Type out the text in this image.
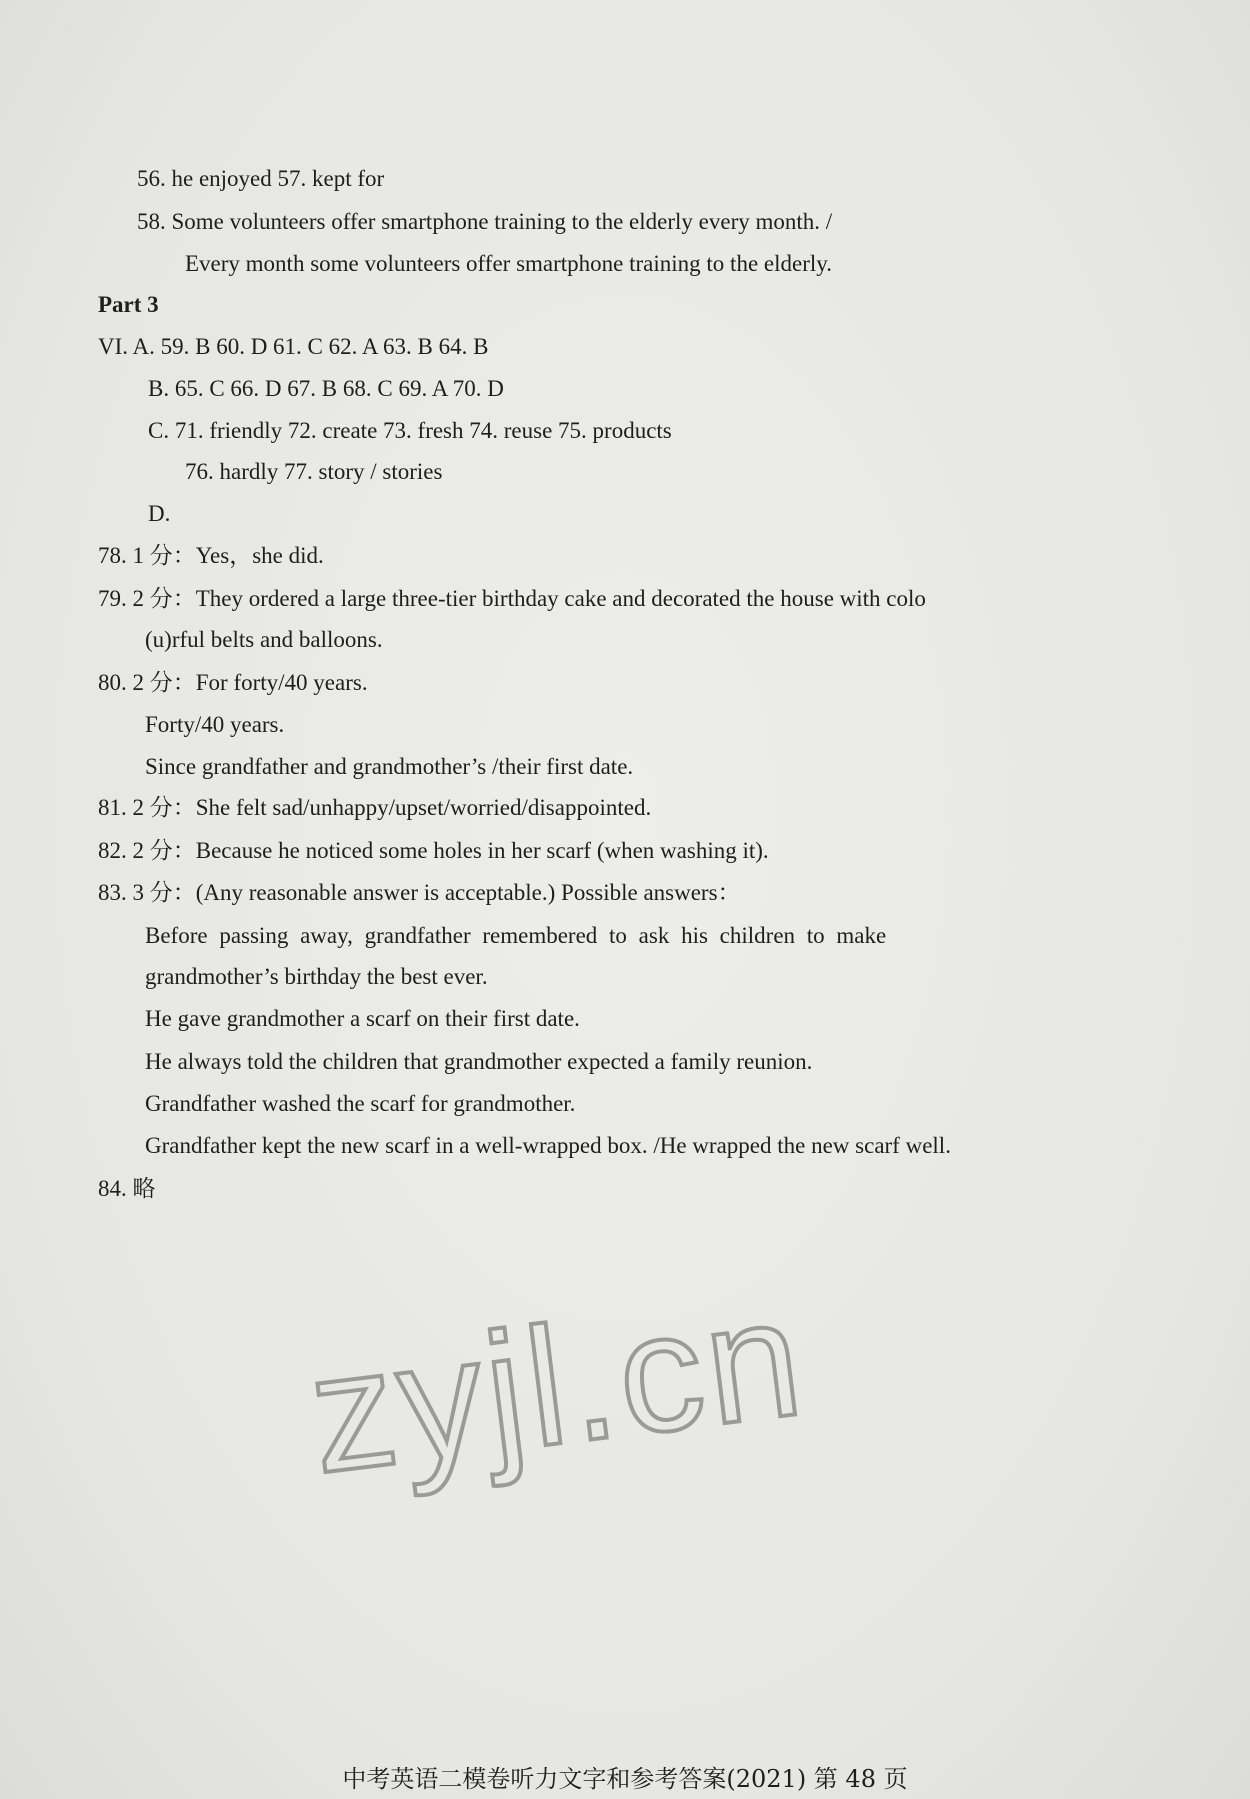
56. he enjoyed 57. kept for
58. Some volunteers offer smartphone training to the elderly every month. /
Every month some volunteers offer smartphone training to the elderly.
Part 3
VI. A. 59. B 60. D 61. C 62. A 63. B 64. B
B. 65. C 66. D 67. B 68. C 69. A 70. D
C. 71. friendly 72. create 73. fresh 74. reuse 75. products
76. hardly 77. story / stories
D.
78. 1 分：Yes，she did.
79. 2 分：They ordered a large three-tier birthday cake and decorated the house with colo
(u)rful belts and balloons.
80. 2 分：For forty/40 years.
Forty/40 years.
Since grandfather and grandmother’s /their first date.
81. 2 分：She felt sad/unhappy/upset/worried/disappointed.
82. 2 分：Because he noticed some holes in her scarf (when washing it).
83. 3 分：(Any reasonable answer is acceptable.) Possible answers：
Before passing away, grandfather remembered to ask his children to make
grandmother’s birthday the best ever.
He gave grandmother a scarf on their first date.
He always told the children that grandmother expected a family reunion.
Grandfather washed the scarf for grandmother.
Grandfather kept the new scarf in a well-wrapped box. /He wrapped the new scarf well.
84. 略
zyjl.cn
中考英语二模卷听力文字和参考答案(2021) 第 48 页
